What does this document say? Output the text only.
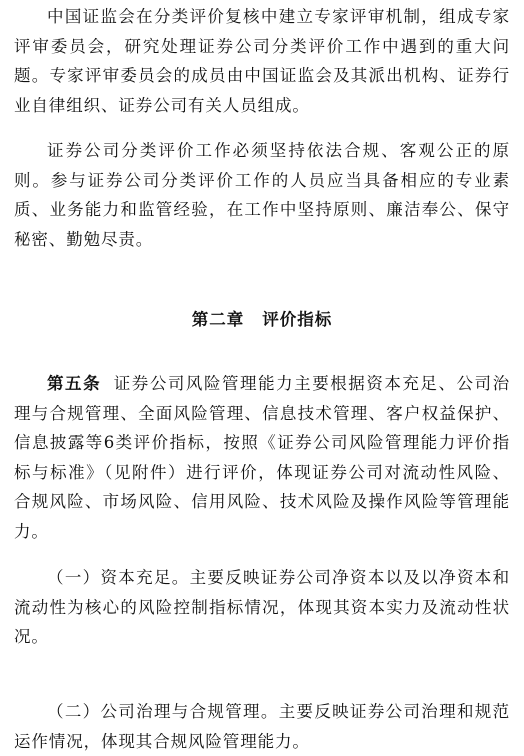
中国证监会在分类评价复核中建立专家评审机制，组成专家评审委员会，研究处理证券公司分类评价工作中遇到的重大问题。专家评审委员会的成员由中国证监会及其派出机构、证券行业自律组织、证券公司有关人员组成。

证券公司分类评价工作必须坚持依法合规、客观公正的原则。参与证券公司分类评价工作的人员应当具备相应的专业素质、业务能力和监管经验，在工作中坚持原则、廉洁奉公、保守秘密、勤勉尽责。

第二章 评价指标

第五条 证券公司风险管理能力主要根据资本充足、公司治理与合规管理、全面风险管理、信息技术管理、客户权益保护、信息披露等6类评价指标，按照《证券公司风险管理能力评价指标与标准》（见附件）进行评价，体现证券公司对流动性风险、合规风险、市场风险、信用风险、技术风险及操作风险等管理能力。

（一）资本充足。主要反映证券公司净资本以及以净资本和流动性为核心的风险控制指标情况，体现其资本实力及流动性状况。

（二）公司治理与合规管理。主要反映证券公司治理和规范运作情况，体现其合规风险管理能力。
